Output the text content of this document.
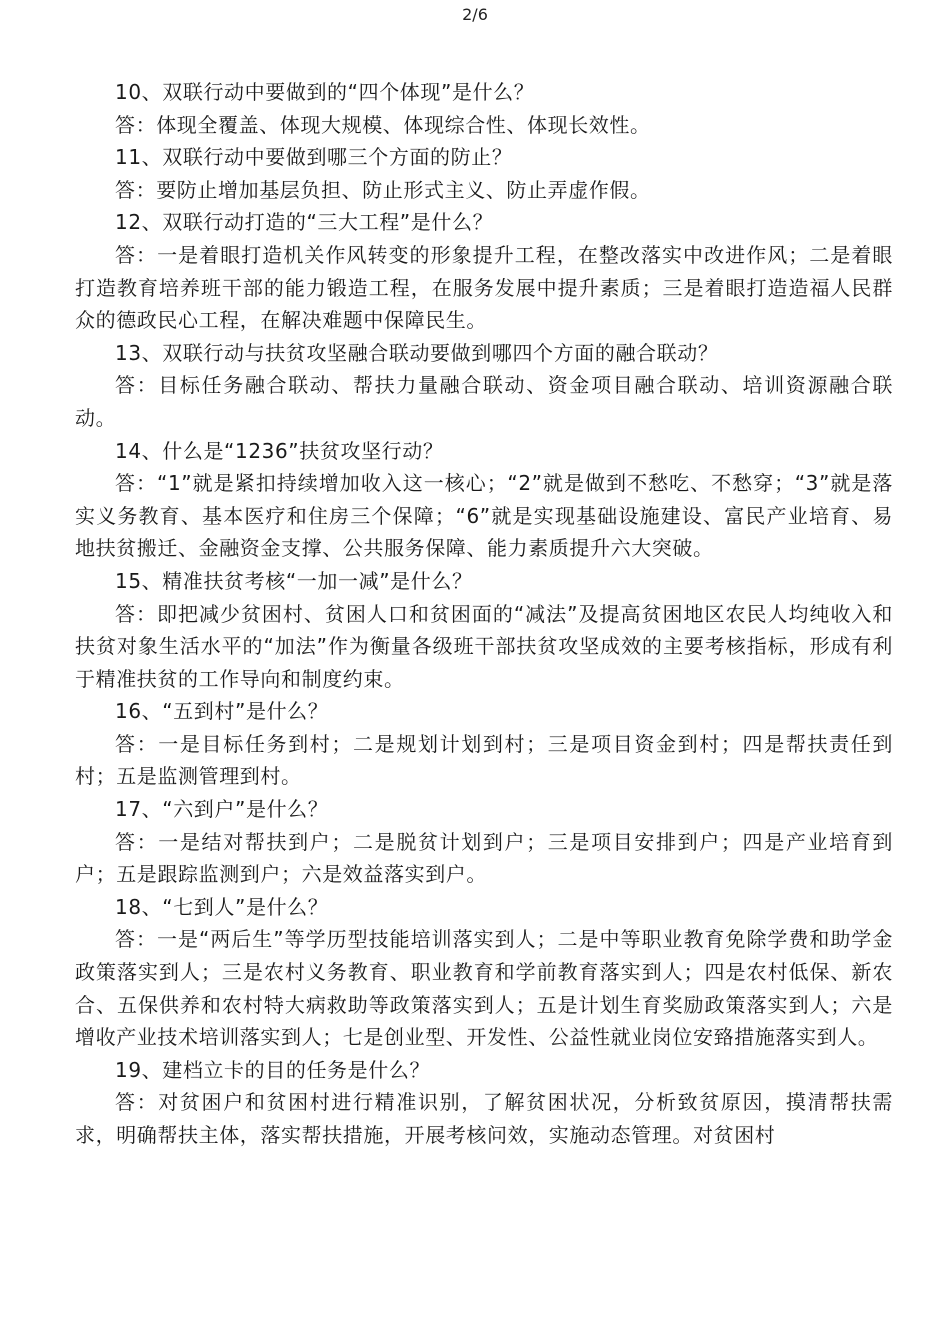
2/6

10、双联行动中要做到的“四个体现”是什么？

答：体现全覆盖、体现大规模、体现综合性、体现长效性。

11、双联行动中要做到哪三个方面的防止？

答：要防止增加基层负担、防止形式主义、防止弄虚作假。

12、双联行动打造的“三大工程”是什么？

答：一是着眼打造机关作风转变的形象提升工程，在整改落实中改进作风；二是着眼打造教育培养班干部的能力锻造工程，在服务发展中提升素质；三是着眼打造造福人民群众的德政民心工程，在解决难题中保障民生。

13、双联行动与扶贫攻坚融合联动要做到哪四个方面的融合联动？

答：目标任务融合联动、帮扶力量融合联动、资金项目融合联动、培训资源融合联动。

14、什么是“1236”扶贫攻坚行动？

答：“1”就是紧扣持续增加收入这一核心；“2”就是做到不愁吃、不愁穿；“3”就是落实义务教育、基本医疗和住房三个保障；“6”就是实现基础设施建设、富民产业培育、易地扶贫搬迁、金融资金支撑、公共服务保障、能力素质提升六大突破。

15、精准扶贫考核“一加一减”是什么？

答：即把减少贫困村、贫困人口和贫困面的“减法”及提高贫困地区农民人均纯收入和扶贫对象生活水平的“加法”作为衡量各级班干部扶贫攻坚成效的主要考核指标，形成有利于精准扶贫的工作导向和制度约束。

16、“五到村”是什么？

答：一是目标任务到村；二是规划计划到村；三是项目资金到村；四是帮扶责任到村；五是监测管理到村。

17、“六到户”是什么？

答：一是结对帮扶到户；二是脱贫计划到户；三是项目安排到户；四是产业培育到户；五是跟踪监测到户；六是效益落实到户。

18、“七到人”是什么？

答：一是“两后生”等学历型技能培训落实到人；二是中等职业教育免除学费和助学金政策落实到人；三是农村义务教育、职业教育和学前教育落实到人；四是农村低保、新农合、五保供养和农村特大病救助等政策落实到人；五是计划生育奖励政策落实到人；六是增收产业技术培训落实到人；七是创业型、开发性、公益性就业岗位安臵措施落实到人。

19、建档立卡的目的任务是什么？

答：对贫困户和贫困村进行精准识别，了解贫困状况，分析致贫原因，摸清帮扶需求，明确帮扶主体，落实帮扶措施，开展考核问效，实施动态管理。对贫困村
